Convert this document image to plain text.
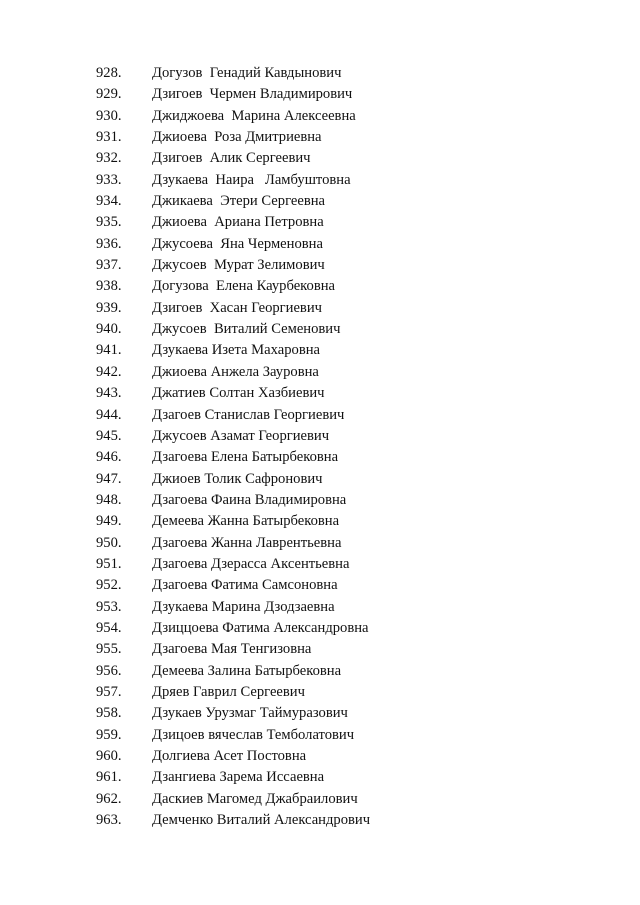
928. Догузов  Генадий Кавдынович
929. Дзигоев  Чермен Владимирович
930. Джиджоева  Марина Алексеевна
931. Джиоева  Роза Дмитриевна
932. Дзигоев  Алик Сергеевич
933. Дзукаева  Наира   Ламбуштовна
934. Джикаева  Этери Сергеевна
935. Джиоева  Ариана Петровна
936. Джусоева  Яна Черменовна
937. Джусоев  Мурат Зелимович
938. Догузова  Елена Каурбековна
939. Дзигоев  Хасан Георгиевич
940. Джусоев  Виталий Семенович
941. Дзукаева Изета Махаровна
942. Джиоева Анжела Зауровна
943. Джатиев Солтан Хазбиевич
944. Дзагоев Станислав Георгиевич
945. Джусоев Азамат Георгиевич
946. Дзагоева Елена Батырбековна
947. Джиоев Толик Сафронович
948. Дзагоева Фаина Владимировна
949. Демеева Жанна Батырбековна
950. Дзагоева Жанна Лаврентьевна
951. Дзагоева Дзерасса Аксентьевна
952. Дзагоева Фатима Самсоновна
953. Дзукаева Марина Дзодзаевна
954. Дзиццоева Фатима Александровна
955. Дзагоева Мая Тенгизовна
956. Демеева Залина Батырбековна
957. Дряев Гаврил Сергеевич
958. Дзукаев Урузмаг Таймуразович
959. Дзицоев вячеслав Темболатович
960. Долгиева Асет Постовна
961. Дзангиева Зарема Иссаевна
962. Даскиев Магомед Джабраилович
963. Демченко Виталий Александрович
